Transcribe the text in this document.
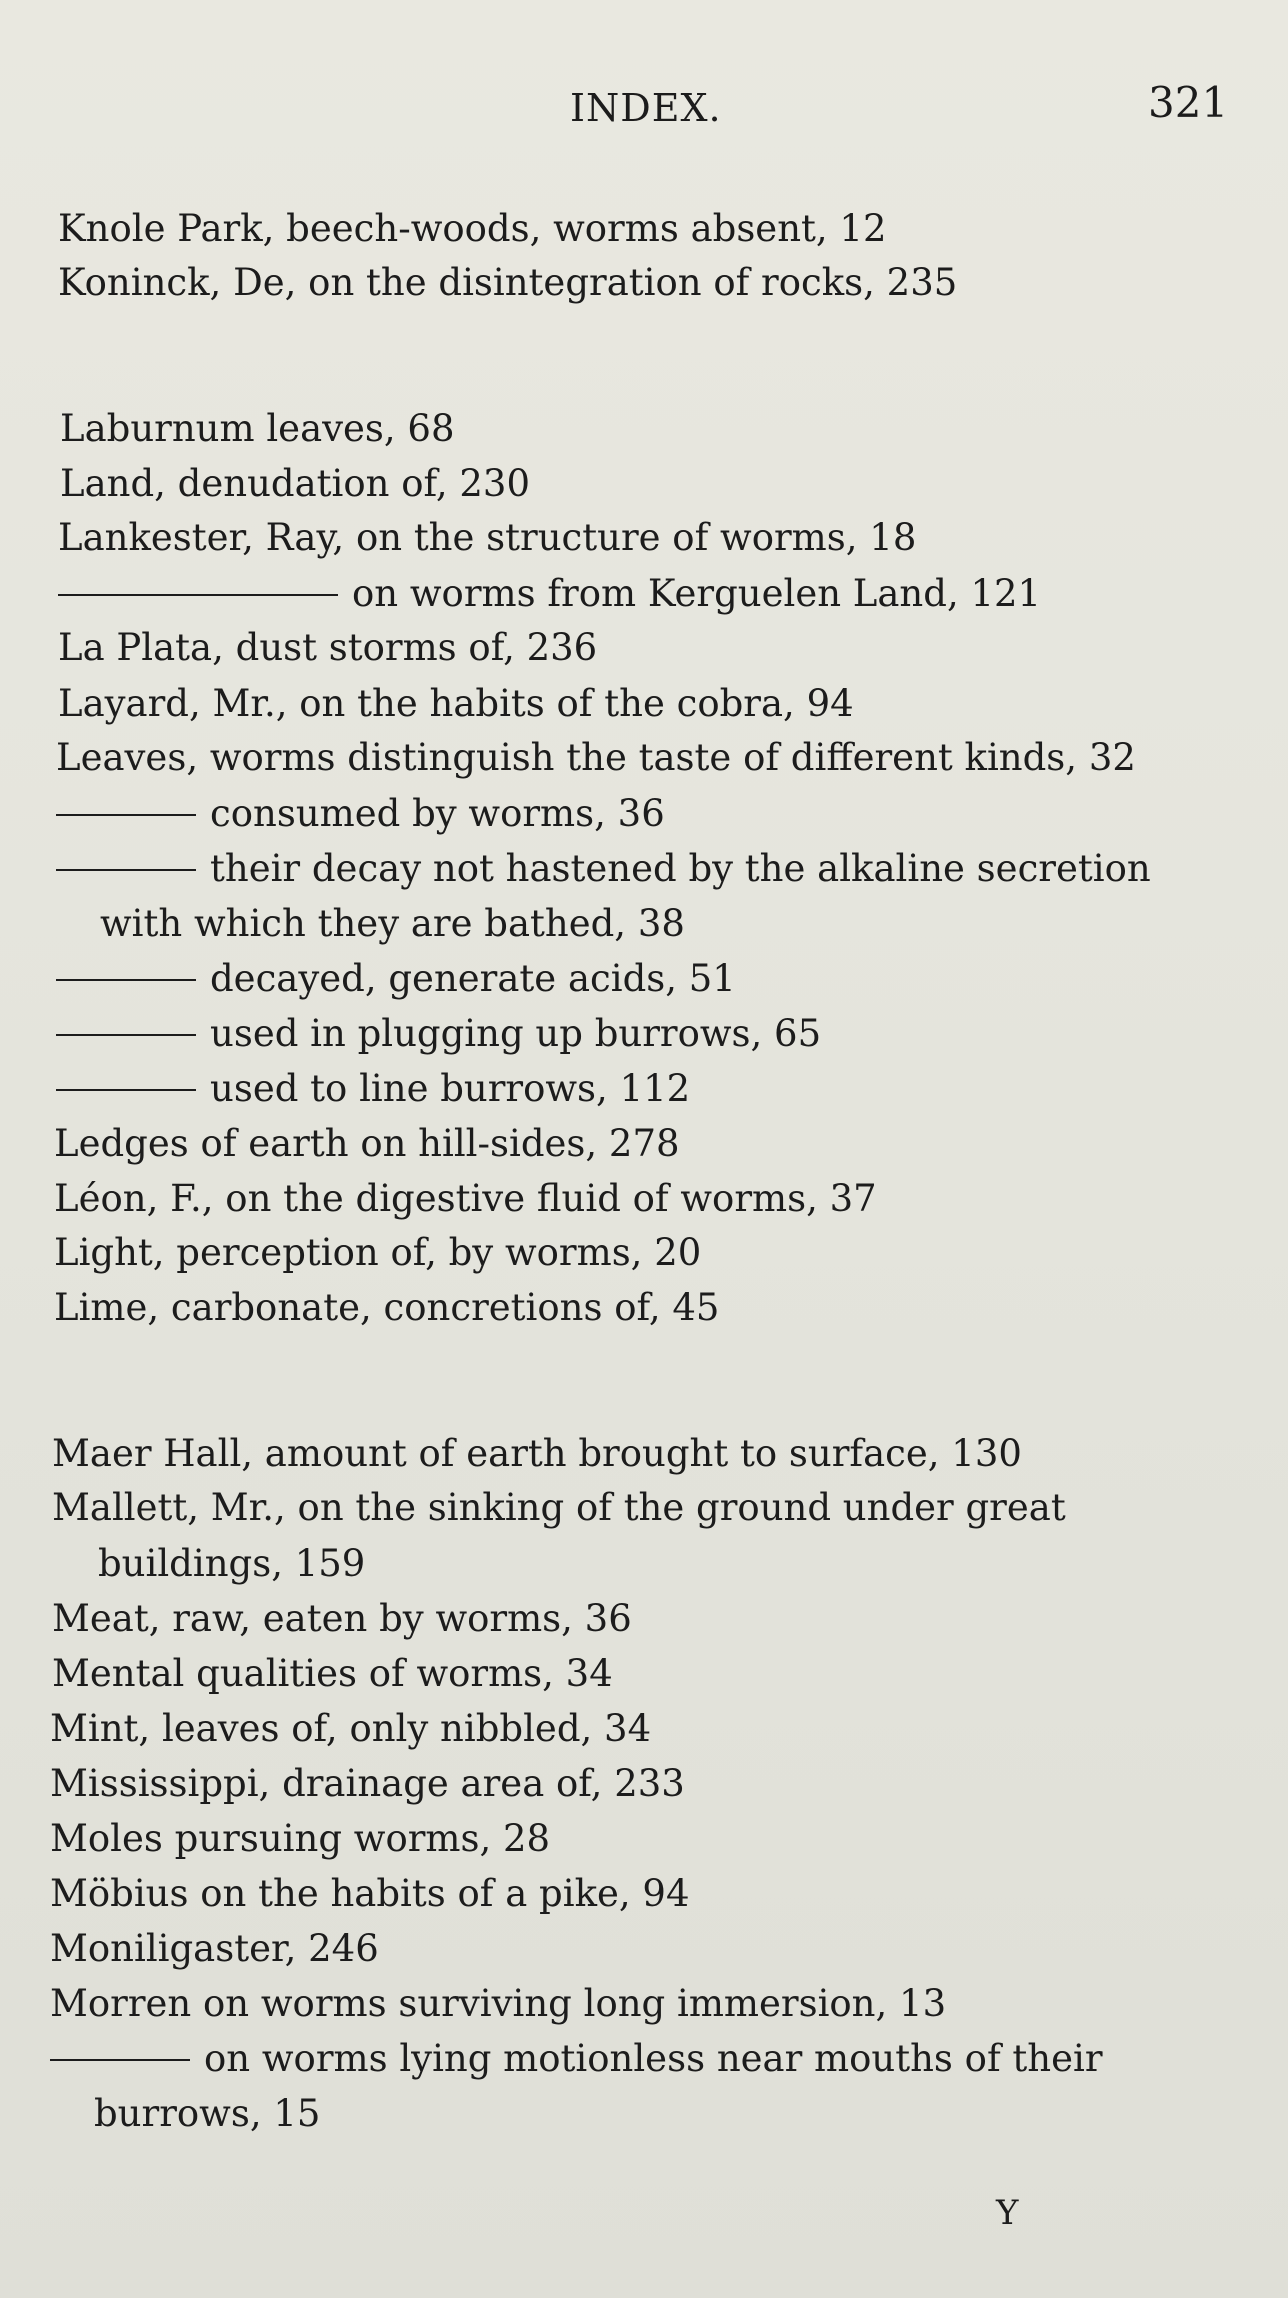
INDEX.	321
Knole Park, beech-woods, worms absent, 12
Koninck, De, on the disintegration of rocks, 235
Laburnum leaves, 68
Land, denudation of, 230
Lankester, Ray, on the structure of worms, 18
on worms from Kerguelen Land, 121
La Plata, dust storms of, 236
Layard, Mr., on the habits of the cobra, 94
Leaves, worms distinguish the taste of different kinds, 32
consumed by worms, 36
their decay not hastened by the alkaline secretion
with which they are bathed, 38
decayed, generate acids, 51
used in plugging up burrows, 65
used to line burrows, 112
Ledges of earth on hill-sides, 278
Léon, F., on the digestive fluid of worms, 37
Light, perception of, by worms, 20
Lime, carbonate, concretions of, 45
Maer Hall, amount of earth brought to surface, 130
Mallett, Mr., on the sinking of the ground under great
buildings, 159
Meat, raw, eaten by worms, 36
Mental qualities of worms, 34
Mint, leaves of, only nibbled, 34
Mississippi, drainage area of, 233
Moles pursuing worms, 28
Möbius on the habits of a pike, 94
Moniligaster, 246
Morren on worms surviving long immersion, 13
on worms lying motionless near mouths of their
burrows, 15
Y
